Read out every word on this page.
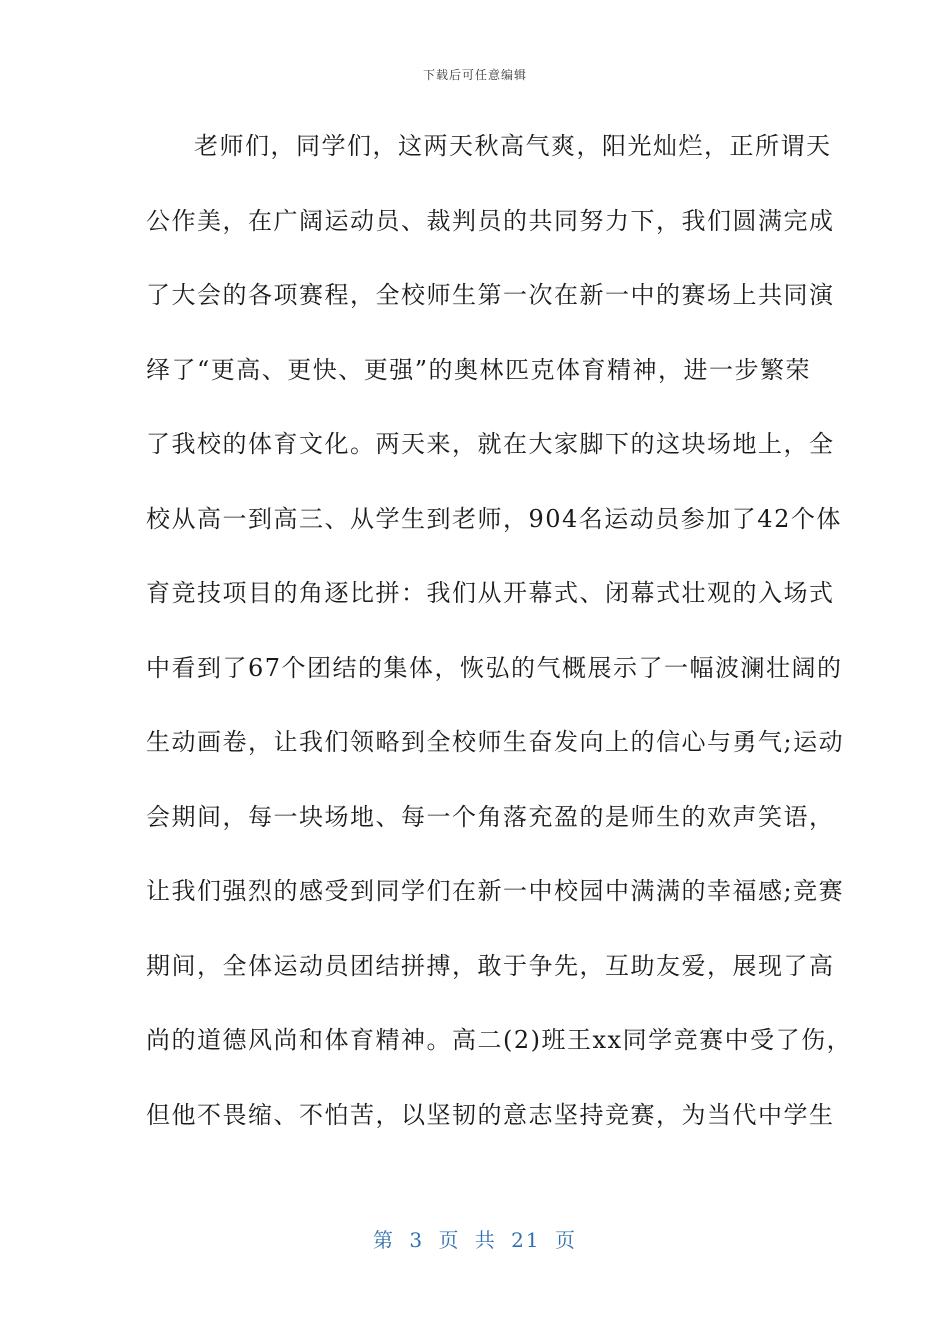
下载后可任意编辑
老师们，同学们，这两天秋高气爽，阳光灿烂，正所谓天
公作美，在广阔运动员、裁判员的共同努力下，我们圆满完成
了大会的各项赛程，全校师生第一次在新一中的赛场上共同演
绎了“更高、更快、更强”的奥林匹克体育精神，进一步繁荣
了我校的体育文化。两天来，就在大家脚下的这块场地上，全
校从高一到高三、从学生到老师，904名运动员参加了42个体
育竞技项目的角逐比拼：我们从开幕式、闭幕式壮观的入场式
中看到了67个团结的集体，恢弘的气概展示了一幅波澜壮阔的
生动画卷，让我们领略到全校师生奋发向上的信心与勇气;运动
会期间，每一块场地、每一个角落充盈的是师生的欢声笑语，
让我们强烈的感受到同学们在新一中校园中满满的幸福感;竞赛
期间，全体运动员团结拼搏，敢于争先，互助友爱，展现了高
尚的道德风尚和体育精神。高二(2)班王xx同学竞赛中受了伤，
但他不畏缩、不怕苦，以坚韧的意志坚持竞赛，为当代中学生
第 3 页 共 21 页
